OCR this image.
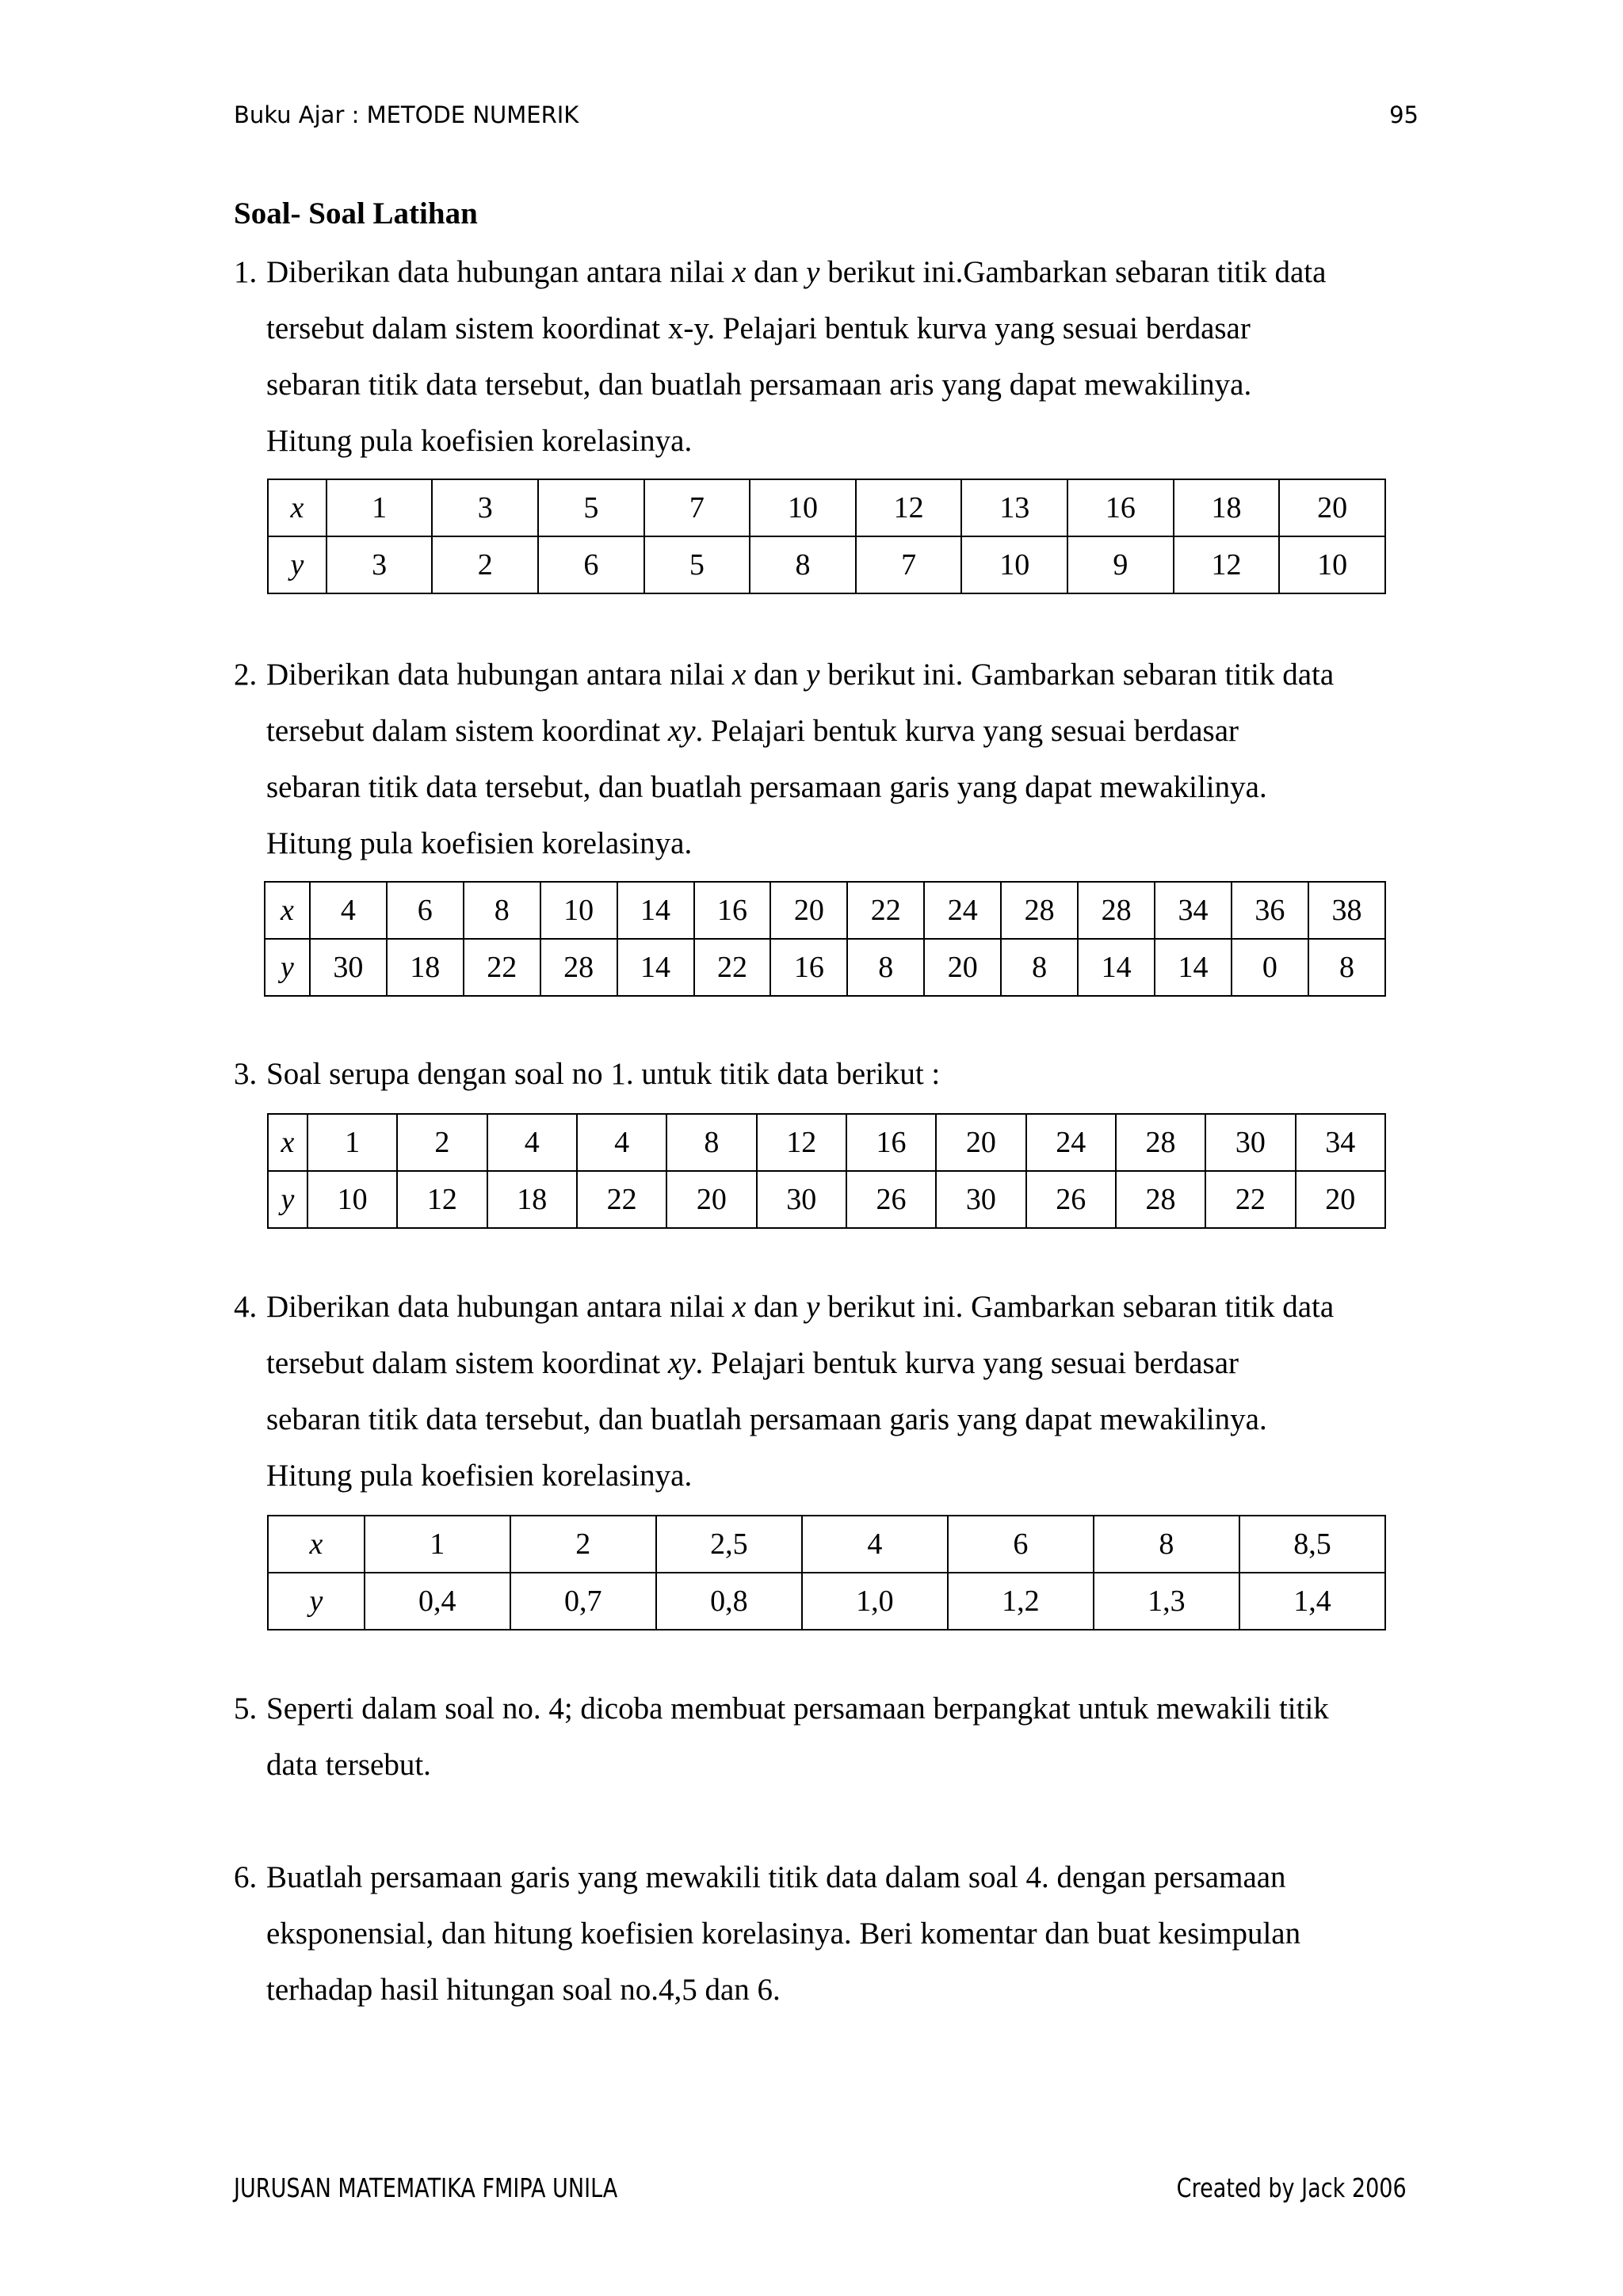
Buku Ajar : METODE NUMERIK	95
Soal- Soal Latihan
1. Diberikan data hubungan antara nilai x dan y berikut ini.Gambarkan sebaran titik data
tersebut dalam sistem koordinat x-y. Pelajari bentuk kurva yang sesuai berdasar
sebaran titik data tersebut, dan buatlah persamaan aris yang dapat mewakilinya.
Hitung pula koefisien korelasinya.
x	1	3	5	7	10	12	13	16	18	20
y	3	2	6	5	8	7	10	9	12	10
2. Diberikan data hubungan antara nilai x dan y berikut ini. Gambarkan sebaran titik data
tersebut dalam sistem koordinat xy. Pelajari bentuk kurva yang sesuai berdasar
sebaran titik data tersebut, dan buatlah persamaan garis yang dapat mewakilinya.
Hitung pula koefisien korelasinya.
x	4	6	8	10	14	16	20	22	24	28	28	34	36	38
y	30	18	22	28	14	22	16	8	20	8	14	14	0	8
3. Soal serupa dengan soal no 1. untuk titik data berikut :
x	1	2	4	4	8	12	16	20	24	28	30	34
y	10	12	18	22	20	30	26	30	26	28	22	20
4. Diberikan data hubungan antara nilai x dan y berikut ini. Gambarkan sebaran titik data
tersebut dalam sistem koordinat xy. Pelajari bentuk kurva yang sesuai berdasar
sebaran titik data tersebut, dan buatlah persamaan garis yang dapat mewakilinya.
Hitung pula koefisien korelasinya.
x	1	2	2,5	4	6	8	8,5
y	0,4	0,7	0,8	1,0	1,2	1,3	1,4
5. Seperti dalam soal no. 4; dicoba membuat persamaan berpangkat untuk mewakili titik
data tersebut.
6. Buatlah persamaan garis yang mewakili titik data dalam soal 4. dengan persamaan
eksponensial, dan hitung koefisien korelasinya. Beri komentar dan buat kesimpulan
terhadap hasil hitungan soal no.4,5 dan 6.
JURUSAN MATEMATIKA FMIPA UNILA	Created by Jack 2006
